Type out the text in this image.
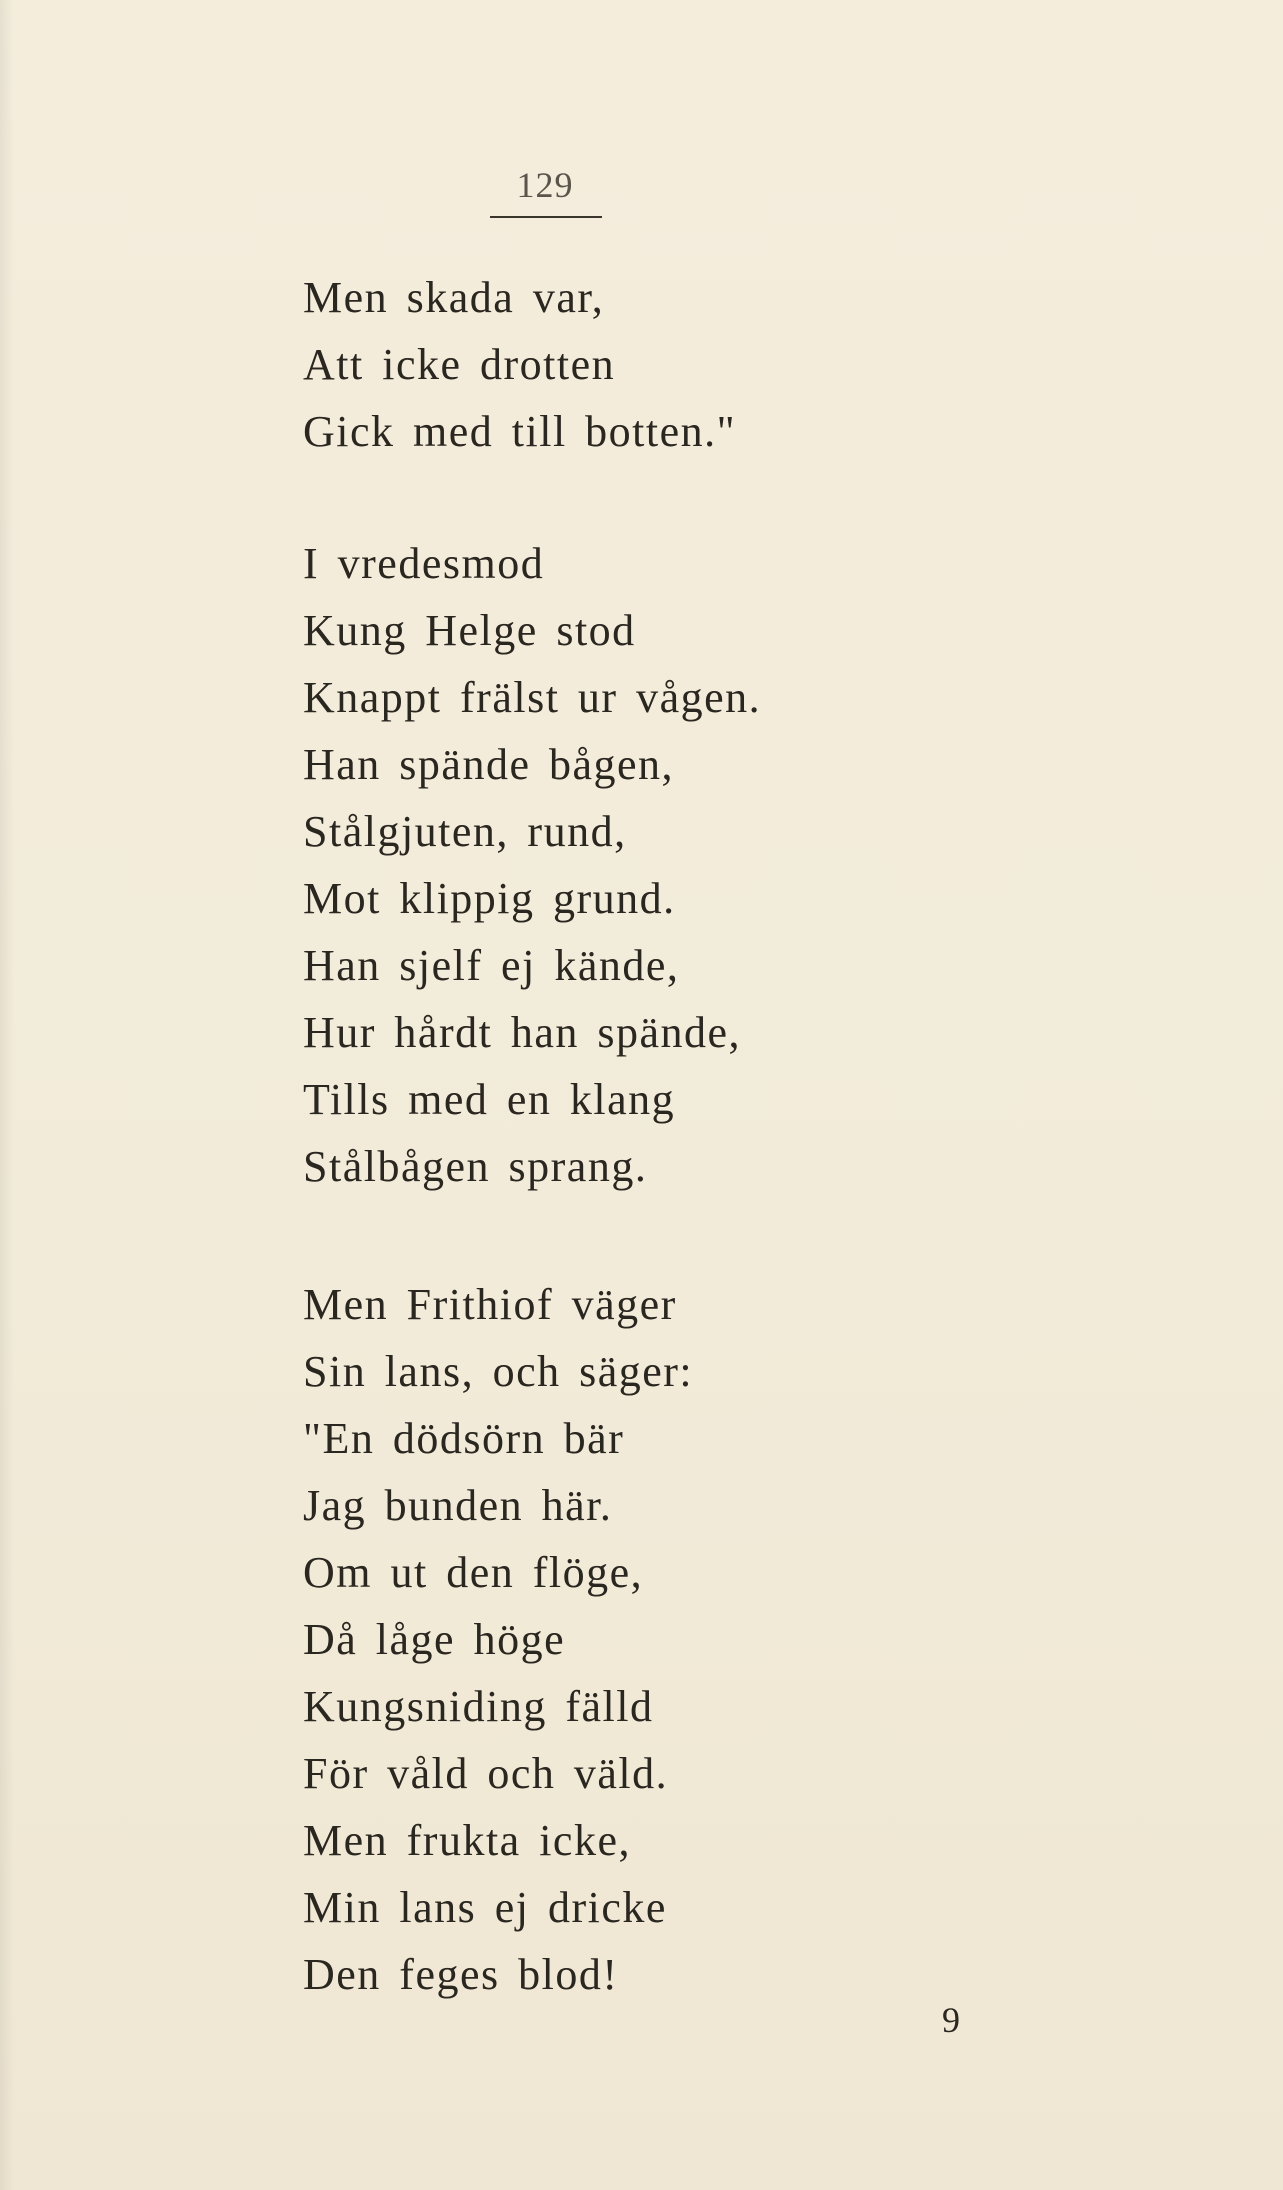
129
Men skada var,
Att icke drotten
Gick med till botten."
I vredesmod
Kung Helge stod
Knappt frälst ur vågen.
Han spände bågen,
Stålgjuten, rund,
Mot klippig grund.
Han sjelf ej kände,
Hur hårdt han spände,
Tills med en klang
Stålbågen sprang.
Men Frithiof väger
Sin lans, och säger:
"En dödsörn bär
Jag bunden här.
Om ut den flöge,
Då låge höge
Kungsniding fälld
För våld och väld.
Men frukta icke,
Min lans ej dricke
Den feges blod!
9
